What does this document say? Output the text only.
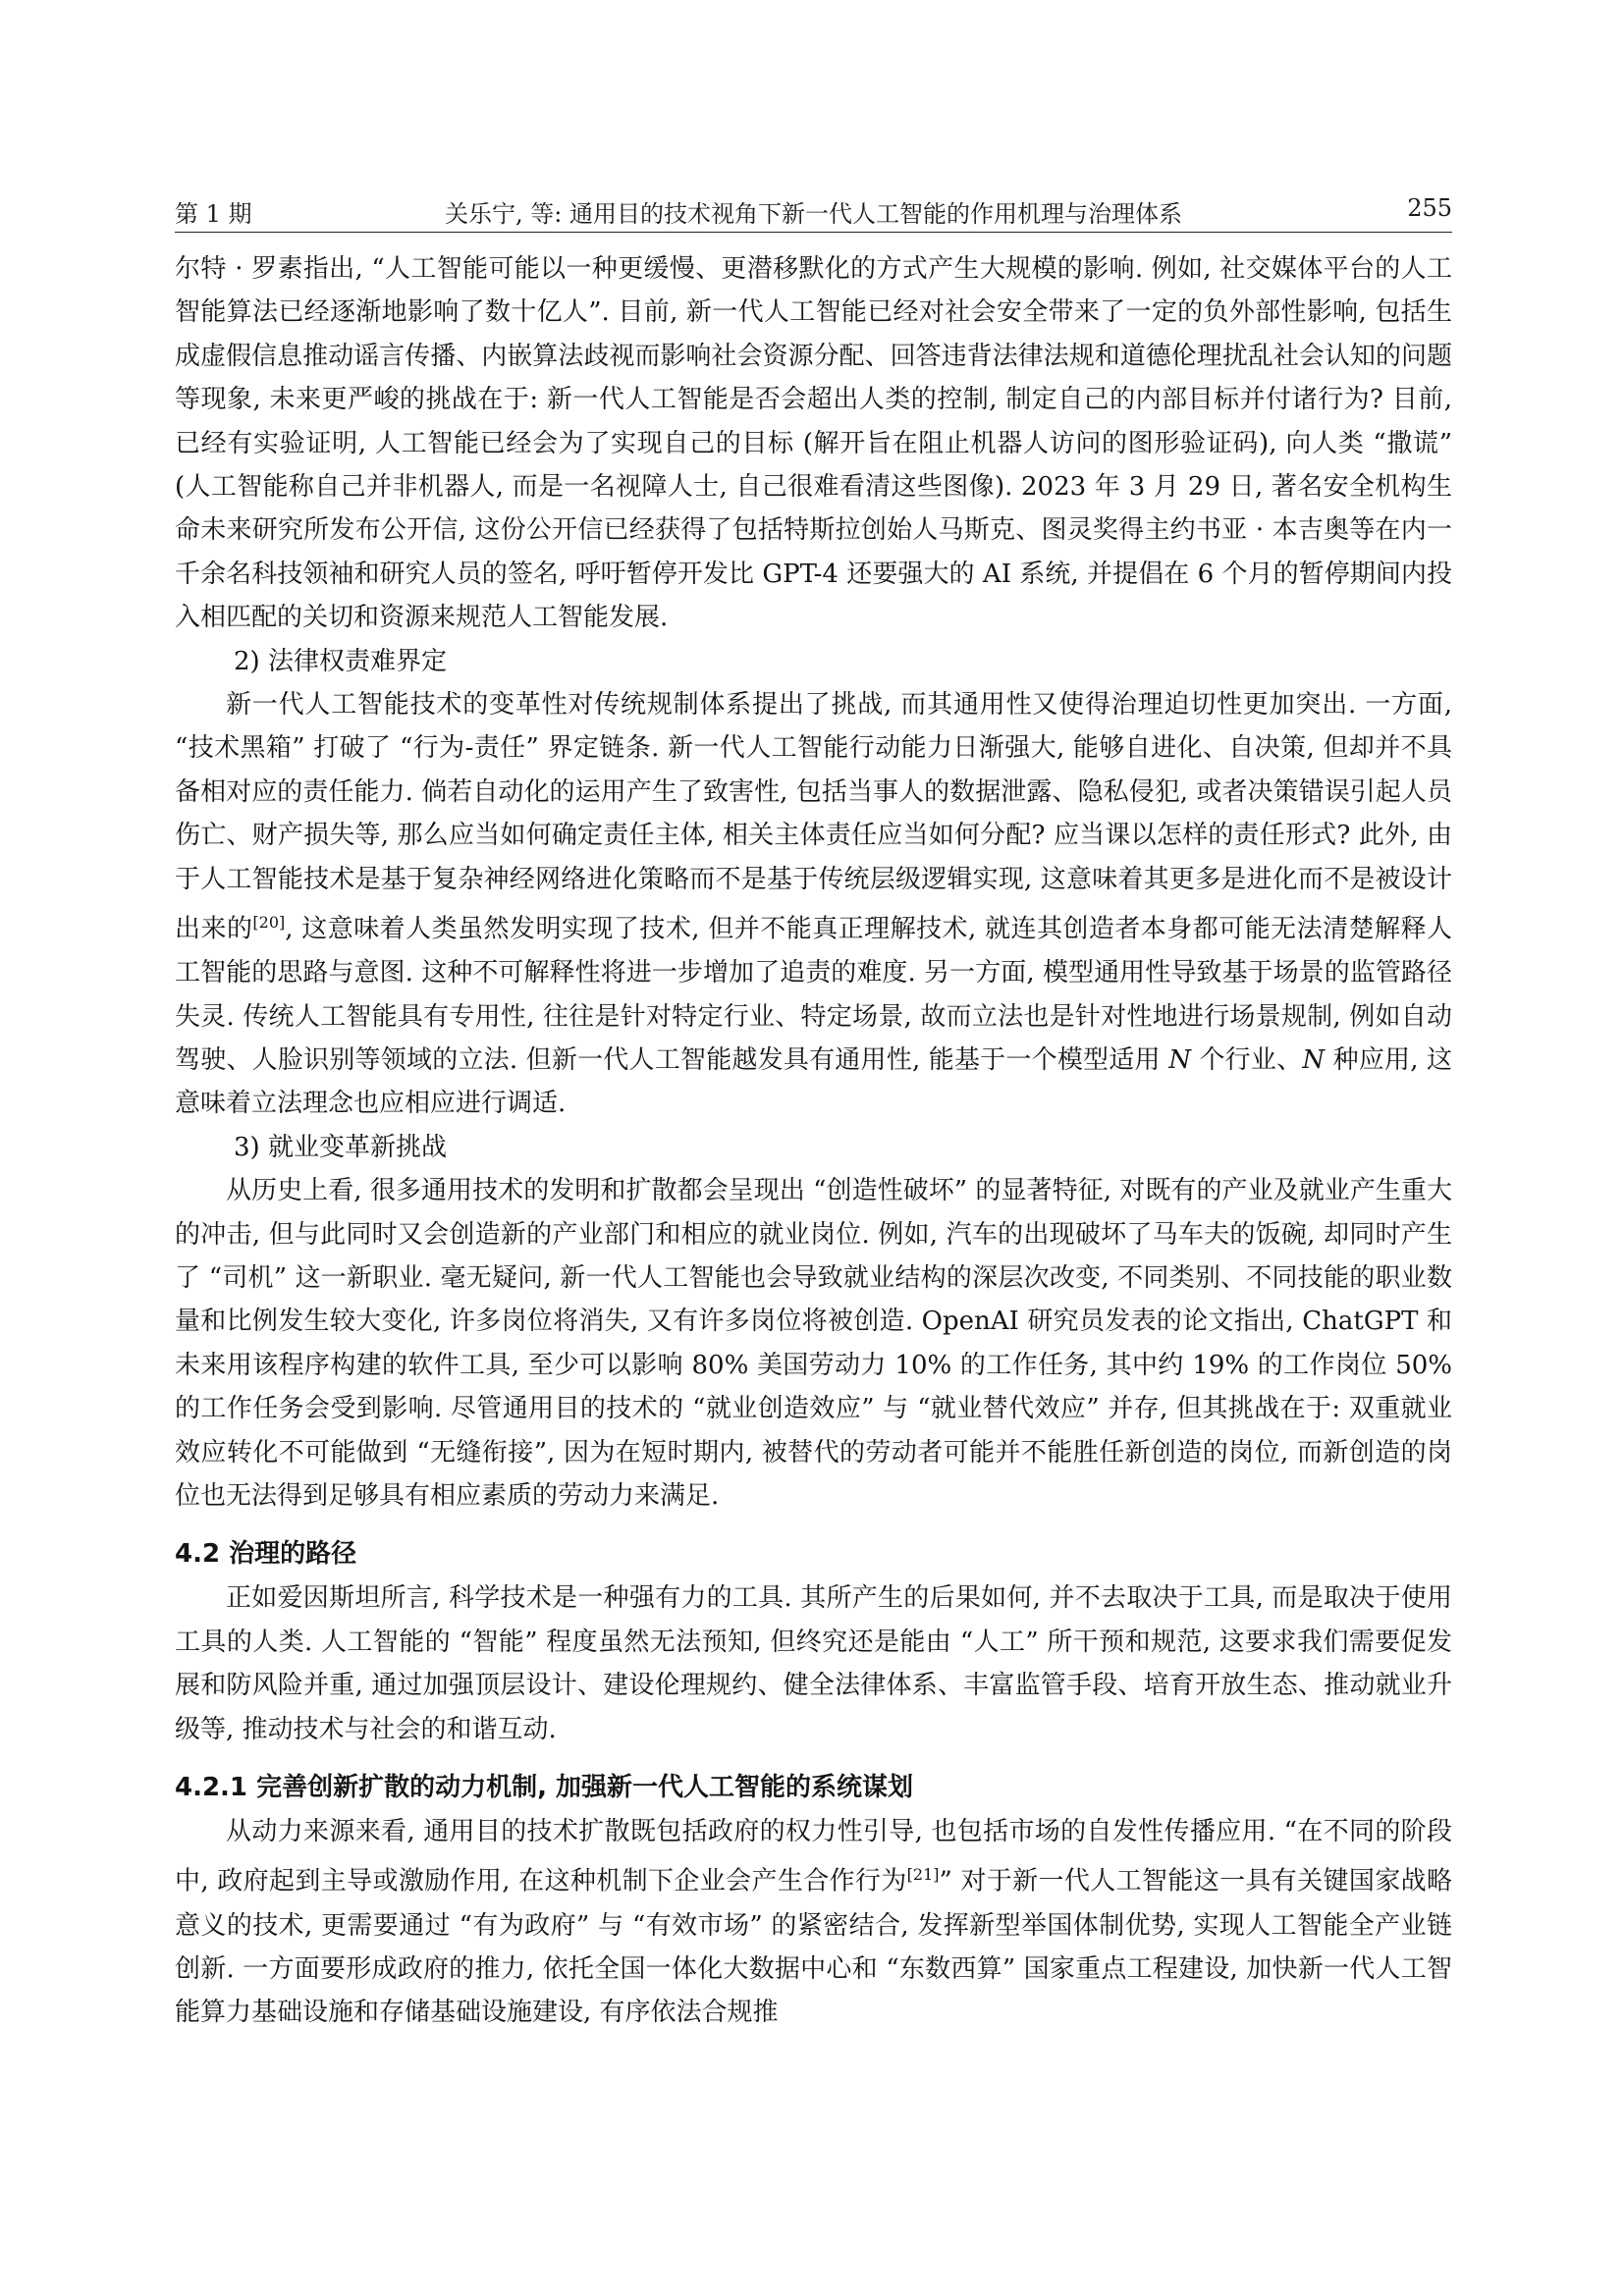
第 1 期	关乐宁, 等: 通用目的技术视角下新一代人工智能的作用机理与治理体系	255

尔特 · 罗素指出, “人工智能可能以一种更缓慢、更潜移默化的方式产生大规模的影响. 例如, 社交媒体平台的人工智能算法已经逐渐地影响了数十亿人”. 目前, 新一代人工智能已经对社会安全带来了一定的负外部性影响, 包括生成虚假信息推动谣言传播、内嵌算法歧视而影响社会资源分配、回答违背法律法规和道德伦理扰乱社会认知的问题等现象, 未来更严峻的挑战在于: 新一代人工智能是否会超出人类的控制, 制定自己的内部目标并付诸行为? 目前, 已经有实验证明, 人工智能已经会为了实现自己的目标 (解开旨在阻止机器人访问的图形验证码), 向人类 “撒谎” (人工智能称自己并非机器人, 而是一名视障人士, 自己很难看清这些图像). 2023 年 3 月 29 日, 著名安全机构生命未来研究所发布公开信, 这份公开信已经获得了包括特斯拉创始人马斯克、图灵奖得主约书亚 · 本吉奥等在内一千余名科技领袖和研究人员的签名, 呼吁暂停开发比 GPT-4 还要强大的 AI 系统, 并提倡在 6 个月的暂停期间内投入相匹配的关切和资源来规范人工智能发展.

2) 法律权责难界定

新一代人工智能技术的变革性对传统规制体系提出了挑战, 而其通用性又使得治理迫切性更加突出. 一方面, “技术黑箱” 打破了 “行为-责任” 界定链条. 新一代人工智能行动能力日渐强大, 能够自进化、自决策, 但却并不具备相对应的责任能力. 倘若自动化的运用产生了致害性, 包括当事人的数据泄露、隐私侵犯, 或者决策错误引起人员伤亡、财产损失等, 那么应当如何确定责任主体, 相关主体责任应当如何分配? 应当课以怎样的责任形式? 此外, 由于人工智能技术是基于复杂神经网络进化策略而不是基于传统层级逻辑实现, 这意味着其更多是进化而不是被设计出来的[20], 这意味着人类虽然发明实现了技术, 但并不能真正理解技术, 就连其创造者本身都可能无法清楚解释人工智能的思路与意图. 这种不可解释性将进一步增加了追责的难度. 另一方面, 模型通用性导致基于场景的监管路径失灵. 传统人工智能具有专用性, 往往是针对特定行业、特定场景, 故而立法也是针对性地进行场景规制, 例如自动驾驶、人脸识别等领域的立法. 但新一代人工智能越发具有通用性, 能基于一个模型适用 N 个行业、N 种应用, 这意味着立法理念也应相应进行调适.

3) 就业变革新挑战

从历史上看, 很多通用技术的发明和扩散都会呈现出 “创造性破坏” 的显著特征, 对既有的产业及就业产生重大的冲击, 但与此同时又会创造新的产业部门和相应的就业岗位. 例如, 汽车的出现破坏了马车夫的饭碗, 却同时产生了 “司机” 这一新职业. 毫无疑问, 新一代人工智能也会导致就业结构的深层次改变, 不同类别、不同技能的职业数量和比例发生较大变化, 许多岗位将消失, 又有许多岗位将被创造. OpenAI 研究员发表的论文指出, ChatGPT 和未来用该程序构建的软件工具, 至少可以影响 80% 美国劳动力 10% 的工作任务, 其中约 19% 的工作岗位 50% 的工作任务会受到影响. 尽管通用目的技术的 “就业创造效应” 与 “就业替代效应” 并存, 但其挑战在于: 双重就业效应转化不可能做到 “无缝衔接”, 因为在短时期内, 被替代的劳动者可能并不能胜任新创造的岗位, 而新创造的岗位也无法得到足够具有相应素质的劳动力来满足.

4.2 治理的路径

正如爱因斯坦所言, 科学技术是一种强有力的工具. 其所产生的后果如何, 并不去取决于工具, 而是取决于使用工具的人类. 人工智能的 “智能” 程度虽然无法预知, 但终究还是能由 “人工” 所干预和规范, 这要求我们需要促发展和防风险并重, 通过加强顶层设计、建设伦理规约、健全法律体系、丰富监管手段、培育开放生态、推动就业升级等, 推动技术与社会的和谐互动.

4.2.1 完善创新扩散的动力机制, 加强新一代人工智能的系统谋划

从动力来源来看, 通用目的技术扩散既包括政府的权力性引导, 也包括市场的自发性传播应用. “在不同的阶段中, 政府起到主导或激励作用, 在这种机制下企业会产生合作行为[21]” 对于新一代人工智能这一具有关键国家战略意义的技术, 更需要通过 “有为政府” 与 “有效市场” 的紧密结合, 发挥新型举国体制优势, 实现人工智能全产业链创新. 一方面要形成政府的推力, 依托全国一体化大数据中心和 “东数西算” 国家重点工程建设, 加快新一代人工智能算力基础设施和存储基础设施建设, 有序依法合规推
